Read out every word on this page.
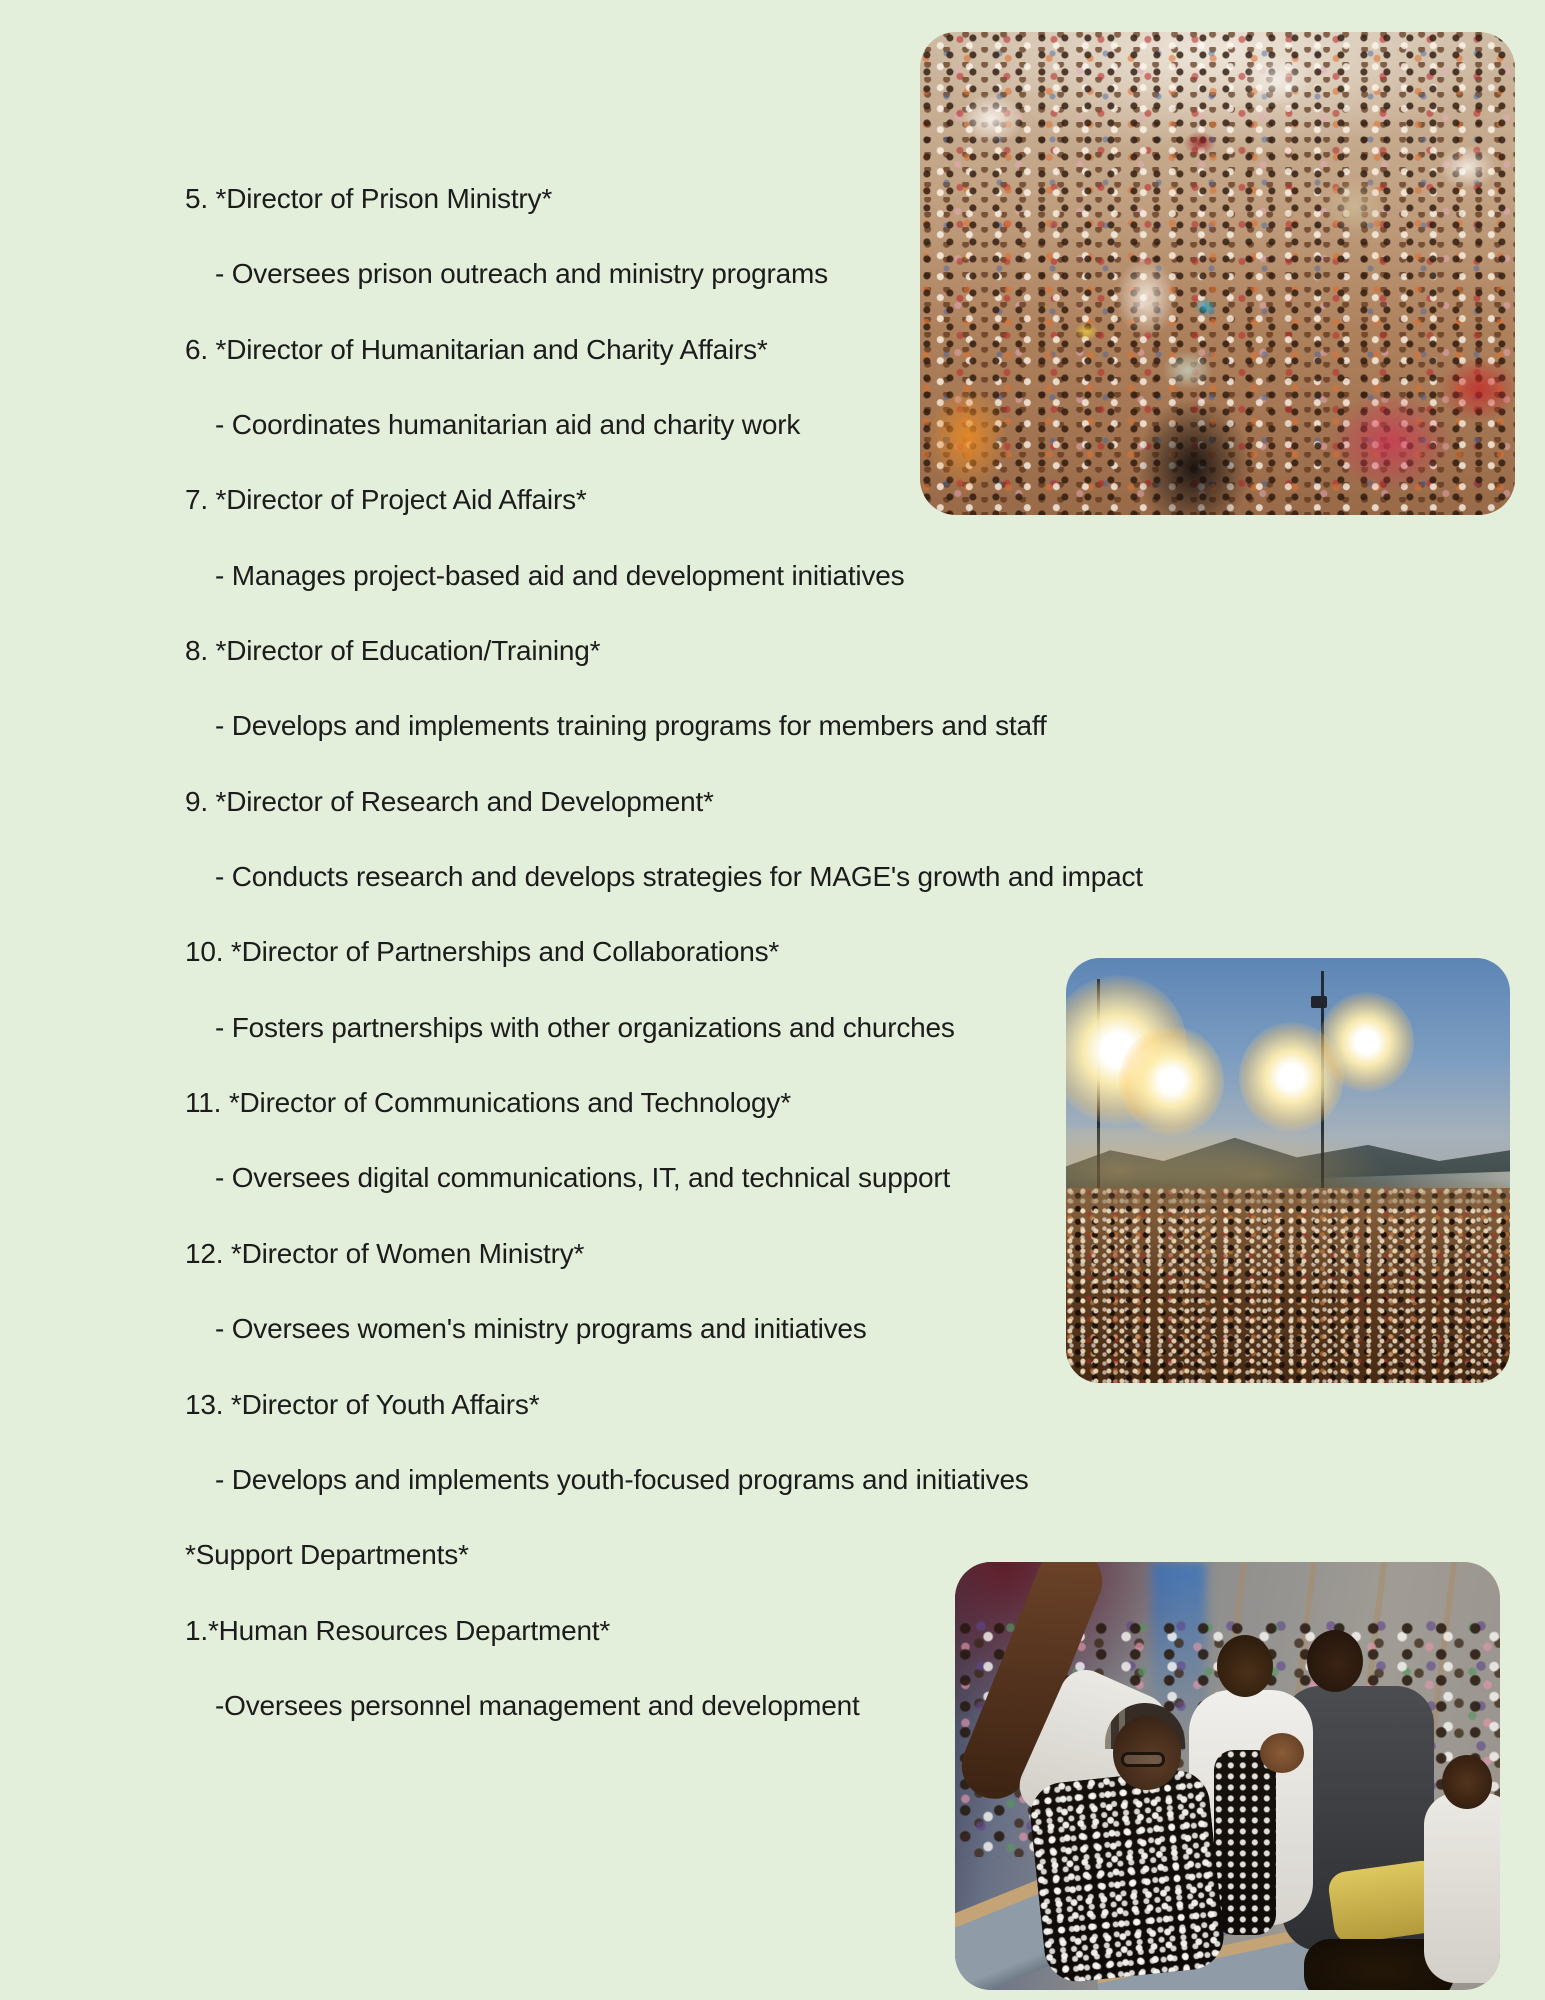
5. *Director of Prison Ministry*
- Oversees prison outreach and ministry programs
6. *Director of Humanitarian and Charity Affairs*
- Coordinates humanitarian aid and charity work
7. *Director of Project Aid Affairs*
- Manages project-based aid and development initiatives
8. *Director of Education/Training*
- Develops and implements training programs for members and staff
9. *Director of Research and Development*
- Conducts research and develops strategies for MAGE's growth and impact
10. *Director of Partnerships and Collaborations*
- Fosters partnerships with other organizations and churches
11. *Director of Communications and Technology*
- Oversees digital communications, IT, and technical support
12. *Director of Women Ministry*
- Oversees women's ministry programs and initiatives
13. *Director of Youth Affairs*
- Develops and implements youth-focused programs and initiatives
*Support Departments*
1.*Human Resources Department*
-Oversees personnel management and development
